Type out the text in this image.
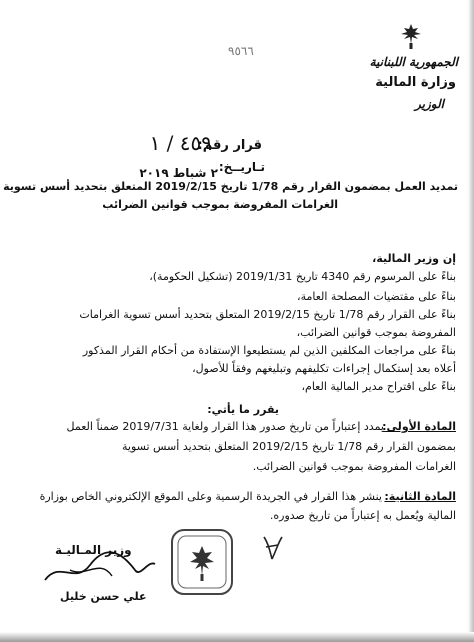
٩٥٦٦
الجمهورية اللبنانية
وزارة المالية
الوزير
قرار رقم:
٤٥٩ / ١
تـاريــخ:
٢ شباط ٢٠١٩
تمديد العمل بمضمون القرار رقم 1/78 تاريخ 2019/2/15 المتعلق بتحديد أسس تسوية
الغرامات المفروضة بموجب قوانين الضرائب
إن وزير المالية،
بناءً على المرسوم رقم 4340 تاريخ 2019/1/31 (تشكيل الحكومة)،
بناءً على مقتضيات المصلحة العامة،
بناءً على القرار رقم 1/78 تاريخ 2019/2/15 المتعلق بتحديد أسس تسوية الغرامات
المفروضة بموجب قوانين الضرائب،
بناءً على مراجعات المكلفين الذين لم يستطيعوا الإستفادة من أحكام القرار المذكور
أعلاه بعد إستكمال إجراءات تكليفهم وتبليغهم وفقاً للأصول،
بناءً على اقتراح مدير المالية العام،
يقرر ما يأتي:
المادة الأولى:
يمدد إعتباراً من تاريخ صدور هذا القرار ولغاية 2019/7/31 ضمناً العمل
بمضمون القرار رقم 1/78 تاريخ 2019/2/15 المتعلق بتحديد أسس تسوية
الغرامات المفروضة بموجب قوانين الضرائب.
المادة الثانية:
ينشر هذا القرار في الجريدة الرسمية وعلى الموقع الإلكتروني الخاص بوزارة
المالية ويُعمل به إعتباراً من تاريخ صدوره.
وزير المـاليـة
علي حسن خليل
